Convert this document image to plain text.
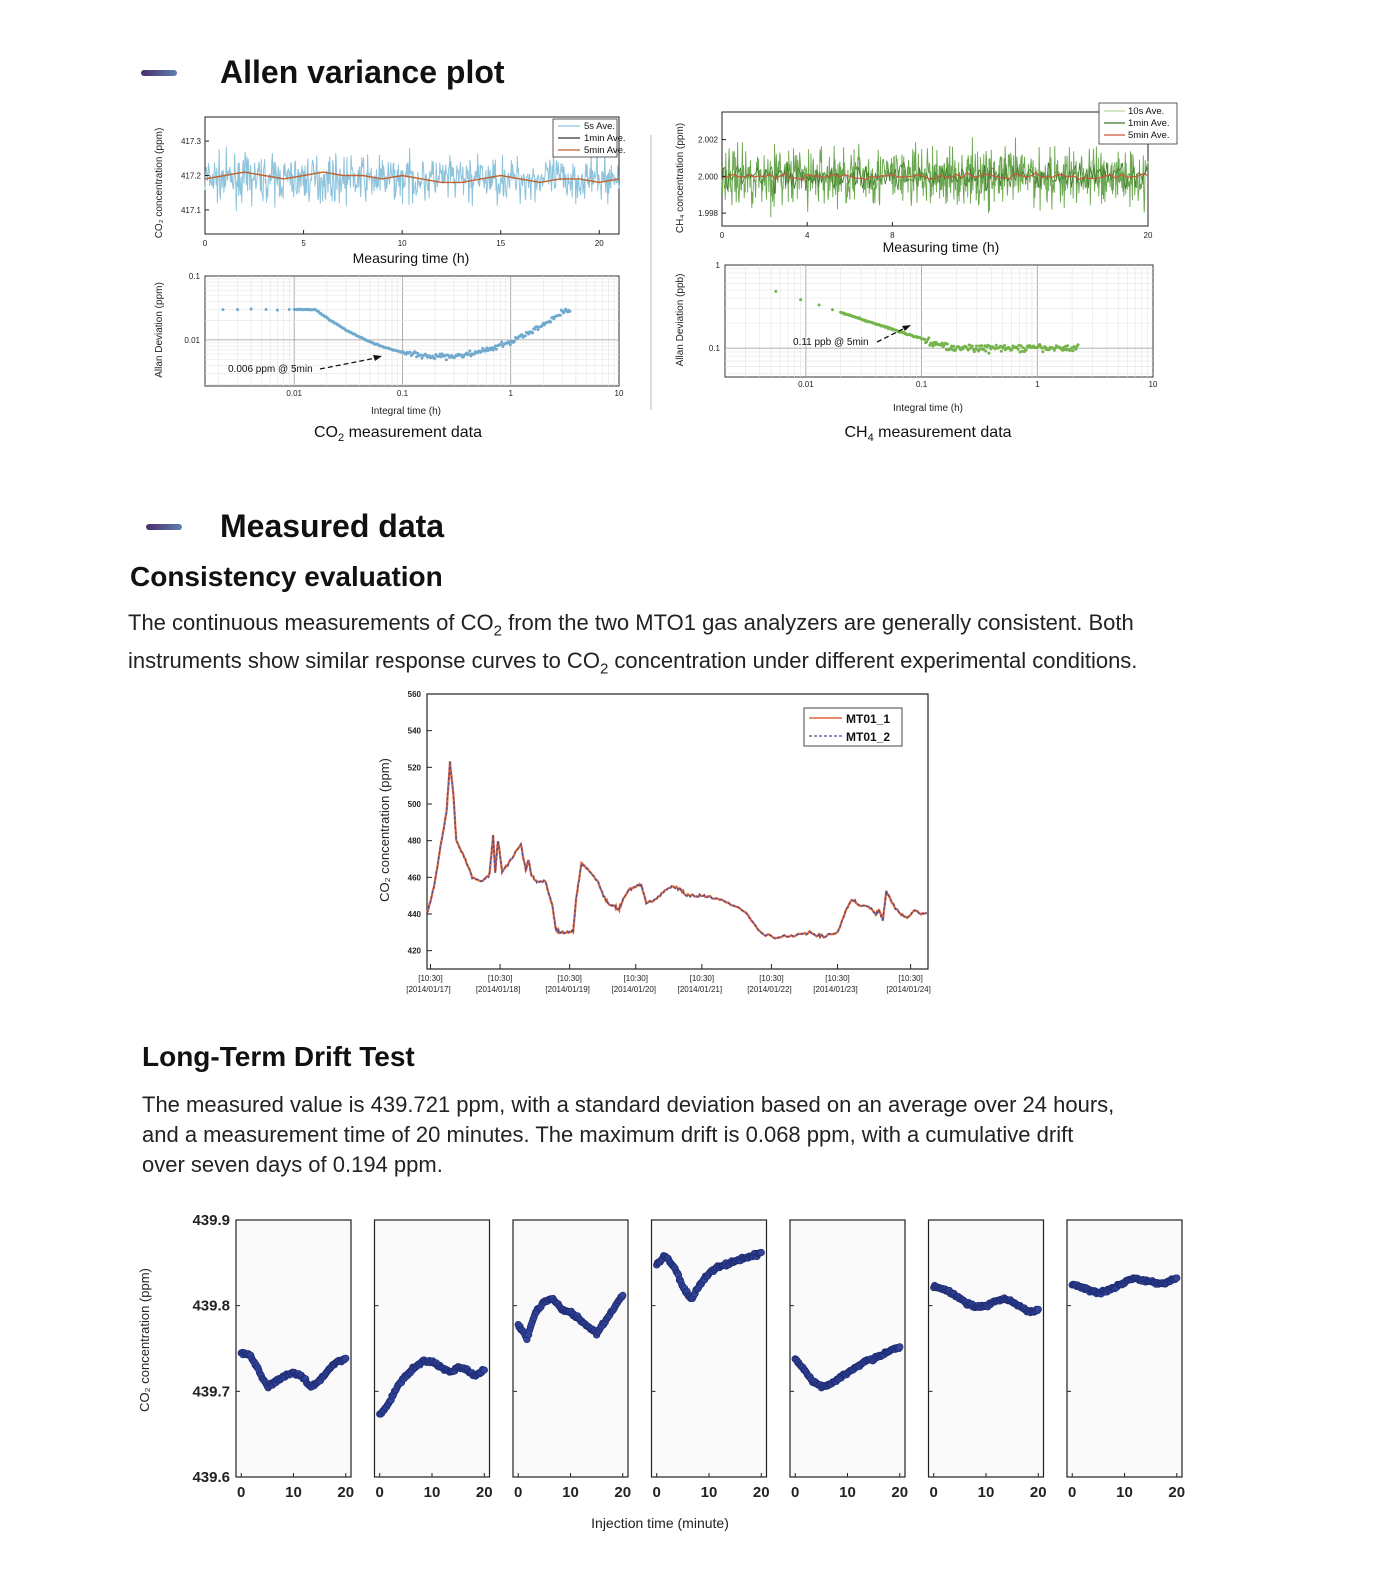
Allen variance plot
CO₂ concentration (ppm)
0	5	10	15	20
417.3
417.2
417.1
5s Ave.
1min Ave.
5min Ave.
Measuring time (h)
Allan Deviation (ppm)
0.01	0.1	1	10
0.1
0.01
0.006 ppm @ 5min
Integral time (h)
$CO_2$ measurement data
CH₄ concentration (ppm)
0	4	8	20
2.002
2.000
1.998
10s Ave.
1min Ave.
5min Ave.
Measuring time (h)
Allan Deviation (ppb)
0.01	0.1	1	10
1
0.1
0.11 ppb @ 5min
Integral time (h)
$CH_4$ measurement data
Measured data
Consistency evaluation
The continuous measurements of $CO_2$ from the two MTO1 gas analyzers are generally consistent. Both
instruments show similar response curves to $CO_2$ concentration under different experimental conditions.
CO₂ concentration (ppm)
560
540
520
500
480
460
440
420
[10:30]
[2014/01/17]
[10:30]
[2014/01/18]
[10:30]
[2014/01/19]
[10:30]
[2014/01/20]
[10:30]
[2014/01/21]
[10:30]
[2014/01/22]
[10:30]
[2014/01/23]
[10:30]
[2014/01/24]
MT01_1
MT01_2
Long-Term Drift Test
The measured value is 439.721 ppm, with a standard deviation based on an average over 24 hours,
and a measurement time of 20 minutes. The maximum drift is 0.068 ppm, with a cumulative drift
over seven days of 0.194 ppm.
CO₂ concentration (ppm)
439.9
439.8
439.7
439.6
0	10 20 0	10 20 0	10 20 0	10 20 0	10 20 0	10 20 0	10 20
Injection time (minute)
